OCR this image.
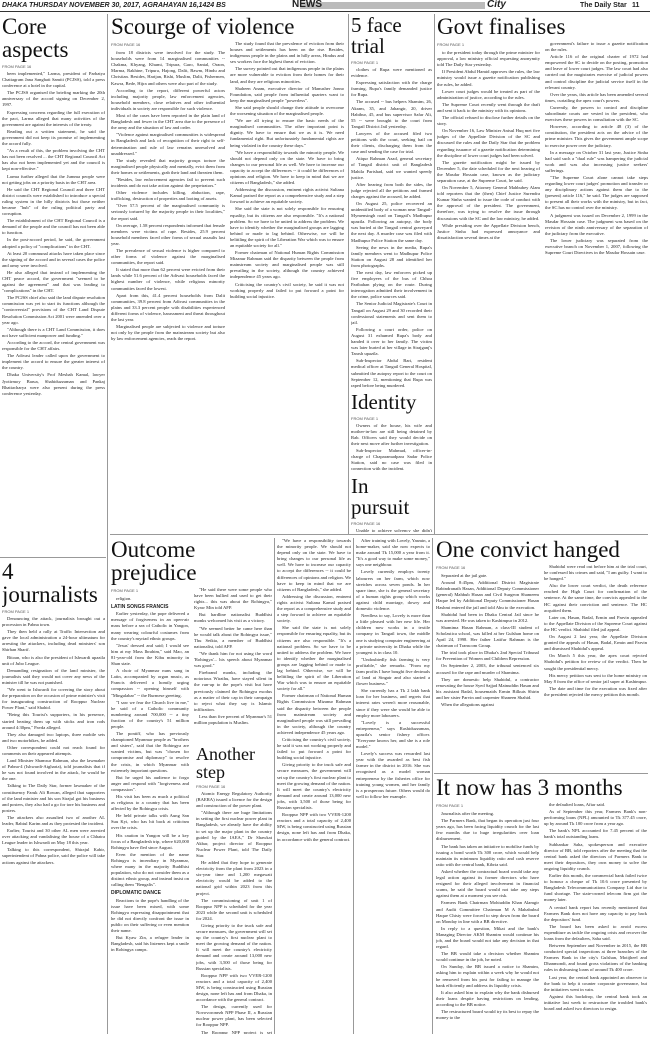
DHAKA THURSDAY NOVEMBER 30, 2017, AGRAHAYAN 16,1424 BS	NEWS	City	The Daily Star 11
Core aspects
FROM PAGE 16

been implemented," Larma, president of Parbatya Chattagram Jana Sanghati Samiti (PCJSS), told a press conference at a hotel in the capital.

The PCJSS organised the briefing marking the 20th anniversary of the accord signing on December 2, 1997.

Expressing concerns regarding the full execution of the pact, Larma alleged that many activities of the government are against the interests of the treaty.

Reading out a written statement, he said the government did not keep its promise of implementing the accord fully.

"As a result of this, the problem involving the CHT has not been resolved ... the CHT Regional Council Act has also not been implemented yet and the council is kept non-effective."

Larma further alleged that the Jumma people were not getting jobs on a priority basis in the CHT area.

He said the CHT Regional Council and three CHT district councils were established to introduce a special ruling system in the hilly districts but those neither became "hub" of the ruling political party and corruption.

The establishment of the CHT Regional Council is a demand of the people and the council has not been able to function.

In the post-accord period, he said, the government adopted a policy of "complications" in the CHT.

At least 20 communal attacks have taken place since the signing of the accord and in several cases the police and army were involved.

He also alleged that instead of implementing the CHT peace accord, the government "seemed to be against the agreement" and that was leading to "complications" in the CHT.

The PCJSS chief also said the land dispute resolution commission was yet to start its functions although the "controversial" provisions of the CHT Land Dispute Resolution Commission Act 2001 were amended over a year ago.

"Although there is a CHT Land Commission, it does not have sufficient manpower and funding."

According to the accord, the central government was responsible for the CHT affairs.

The Adivasi leader called upon the government to implement the accord to ensure the greater interest of the country.

Dhaka University's Prof Mesbah Kamal, lawyer Jyotirmoy Barua, Shahiduzzaman and Pankaj Bhattacharya were also present during the press conference yesterday.

4 journalists
FROM PAGE 1

Denouncing the attack, journalists brought out a procession in Pabna town.

They then held a rally at Traffic Intersection and gave the local administration a 24-hour ultimatum for arresting the attackers, including dead ministers' son Shirhan Sharif.

Bitoan, who is also the president of Ishwardi upazila unit of Jubo League.

Demanding resignation of the land minister, the journalists said they would not cover any news of the minister till he was not punished.

"We went to Ishwardi for covering the story about the preparation on the occasion of prime minister's visit for inaugurating construction of Rooppur Nuclear Power Plant," said Shahid.

"Being this Tourist's supporters, in his presence, started beating them up with sticks and iron rods around 4:30pm," Pavda alleged.

They also damaged two laptops, three mobile sets and two motorbikes, he added.

Other correspondent could not reach found for comments on their appeared attempts.

Land Minister Shamsur Rahman, also the lawmaker of Pabna-4 (Ishwardi-Atgharia), told journalists that if he was not found involved in the attack, he would be the one.

Talking to The Daily Star, former lawmaker of the constituency Faruk Ali Rowan, alleged that supporters of the land minister and his son Sirajul got his business and posters, they also had a go for tore his business and posters.

The attackers also assaulted two of another AL leader, Rabiul Karim and as they protested the incident.

Earlier, Tourist and 30 other AL men were arrested over attacking and vandalising the house of a Chhatra League leader in Ishwardi on May 18 this year.

Talking to this correspondent, Shirajul Kabir, superintendent of Pabna police, said the police will take actions against the attackers.

Scourge of violence
FROM PAGE 16

from 18 districts were involved for the study. The households were from 14 marginalised communities -- Chakma, Khyang, Khumi, Tripura, Garo, Santal, Oraon, Marma, Rakhine, Tripura, Hajong, Dalit, Bawm, Hindu and Christian. Besides, Harijan, Rishi, Muslim, Dalit, Fishermen, Kawra, Bede, Hijra and others were also part of the study.

According to the report, different powerful actors including majority people, law enforcement agencies, household members, close relatives and other influential individuals in society are responsible for such violence.

Most of the cases have been reported in the plain land of Bangladesh and fewer in the CHT area due to the presence of the army and the situation of law and order.

"Violence against marginalised communities is widespread in Bangladesh and lack of recognition of their right to self-determination and rule of law remains unresolved and unaddressed."

The study revealed that majority groups torture the marginalised people physically and mentally, evict them from their homes or settlements, grab their land and threaten them.

"Besides, law enforcement agencies fail to prevent such incidents and do not take action against the perpetrators."

Other violence includes killing, abduction, rape, trafficking, destruction of properties and looting of assets.

"Over 57.5 percent of the marginalised community is seriously tortured by the majority people in their localities," the report said.

On average, 1.58 percent respondents informed that female members were victims of rape. Besides, 25.9 percent household members faced other forms of sexual assaults last year.

The prevalence of sexual violence is higher compared to other forms of violence against the marginalised communities, the report said.

It stated that more than 62 percent were evicted from their lands while 51.6 percent of the Adivasi households faced the highest number of violence, while religious minority communities faced the lowest.

Apart from this, 41.4 percent households from Dalit communities, 39.8 percent from Adivasi communities in the plains and 33.3 percent people with disabilities experienced different forms of violence, harassment and threat throughout the last year.

Marginalised people are subjected to violence and torture not only by the people from the mainstream society but also by law enforcement agencies, reads the report.

The study found that the prevalence of eviction from their houses and settlements has been on the rise. Besides, indigenous people in the plains and in hilly areas, Hindus and sex workers face the highest threat of eviction.

The survey pointed out that indigenous people in the plains are more vulnerable to eviction from their homes for their land, and they are religious minorities.

Shaheen Anam, executive director of Manusher Jonno Foundation, said people from influential quarters want to keep the marginalised people "powerless".

She said people should change their attitude to overcome the worsening situation of the marginalised people.

"We are all trying to ensure the basic needs of the marginalised communities. The other important point is dignity. We have to ensure that we as it is. We need fundamental right. But unfortunately fundamental rights are being violated in the country these days."

"We have a responsibility towards the minority people. We should not depend only on the state. We have to bring changes to our personal life as well. We have to increase our capacity to accept the differences -- it could be differences of opinions and religion. We have to keep in mind that we are citizens of Bangladesh," she added.

Addressing the discussion, eminent rights activist Sultana Kamal praised the report as a comprehensive study and a step forward to achieve an equitable society.

She said the state is not solely responsible for ensuring equality, but its citizens are also responsible. "It's a national problem. So we have to be united to address the problem. We have to identify whether the marginalised groups are lagging behind or made to lag behind. Otherwise, we will be belittling the spirit of the Liberation War which was to ensure an equitable society for all."

Former chairman of National Human Rights Commission Mizanur Rahman said the disparity between the people from mainstream society and marginalised people was still prevailing in the society, although the country achieved independence 45 years ago.

Criticising the country's civil society, he said it was not working properly and failed to put forward a point for building social injustice.

5 face trial
FROM PAGE 1

clothes of Rupa were mentioned as evidence.

Expressing satisfaction with the charge framing, Rupa's family demanded justice for Rupa.

The accused -- bus helpers Shamim, 26, Akram, 35, and Jahangir, 20, driver Habibur, 45, and bus supervisor Safar Ali, 55 -- were brought to the court from Tangail District Jail yesterday.

Lawyers of the accused filed two petitions with the court, seeking bail on their clients, discharging them from the case and sending the case for trial.

Atiqur Rahman Azad, general secretary of Tangail district unit of Bangladesh Mahila Parishad, said we wanted speedy justice.

After hearing from both the sides, the judge rejected all the petitions and framed charges against the accused, he added.

On August 25, police recovered an unidentified body of a woman near Tangail-Mymensingh road on Tangail's Madhupur upazila. Following an autopsy, the body was buried at the Tangail central graveyard the next day. A murder case was filed with Madhupur Police Station the same day.

Seeing the news in the media, Rupa's family members went to Madhupur Police Station on August 28 and identified her from photographs.

The next day, law enforcers picked up five employees of the bus of Chhoa Paribahan plying on the route. During interrogation admitted their involvement in the crime, police sources said.

The Senior Judicial Magistrate's Court in Tangail on August 29 and 30 recorded their confessional statements and sent them to jail.

Following a court order, police on August 31 exhumed Rupa's body and handed it over to her family. The victim was later buried at her village in Sirajganj's Tarash upazila.

Sub-Inspector Abdul Bari, resident medical officer at Tangail General Hospital, submitted the autopsy report to the court on September 12, mentioning that Rupa was raped before being murdered.

Identity
FROM PAGE 1

Owners of the house, his wife and mother-in-law are still being detained by Rab. Officers said they would decide on their next move after further investigation.

Sub-Inspector Mahmud, officer-in-charge of Chaparamadpara Sadar Police Station, said no case was filed in connection with the incident.

In pursuit
FROM PAGE 16

Unable to achieve solvency she didn't

Govt finalises
FROM PAGE 1

to the president today through the prime minister for approval, a law ministry official requesting anonymity told The Daily Star yesterday.

If President Abdul Hamid approves the rules, the law ministry would issue a gazette notification publishing the rules, he added.

Lower court judges would be treated as part of the administration of justice, according to the rules.

The Supreme Court recently went through the draft and sent it back to the ministry with its opinions.

The official refused to disclose further details on the story.

On November 16, Law Minister Anisul Huq met five judges of the Appellate Division of the SC and discussed the rules and the Daily Star that the problem regarding issuance of a gazette notification determining the discipline of lower court judges had been solved.

The gazette notification might be issued by December 5, the date scheduled for the next hearing of the Masdar Hossain case, known as the judiciary separation case, at the Supreme Court, he said.

On November 5, Attorney General Mahbubey Alam told reporters that the (then) Chief Justice Surendra Kumar Sinha wanted to issue the code of conduct with the approval of the president. The government, therefore, was trying to resolve the issue through discussions with the SC and the law ministry, he added.

While presiding over the Appellate Division bench, Justice Sinha had expressed annoyance and dissatisfaction several times at the

government's failure to issue a gazette notification on the rules.

Article 116 of the original charter of 1972 had empowered the SC to decide on the posting, promotion and leave of lower court judges. The law court had also carried out the magistrates exercise of judicial powers and control discipline the judicial service itself in the relevant country.

Over the years, this article has been amended several times, curtailing the apex court's powers.

Currently, the powers to control and discipline subordinate courts are vested in the president, who exercises these powers in consultation with the SC.

However, according to article 48 (3) of the constitution, the president acts on the advice of the prime minister. This gives the government ample scope to exercise power over the judiciary.

In a message on October 31 last year, Justice Sinha had said such a "dual rule" was hampering the judicial work and was also increasing justice seekers' sufferings.

"The Supreme Court alone cannot take steps regarding lower court judges' promotion and transfer or any disciplinary actions against them due to the (present) article 116," he said. The judges are supposed to present all their works with the ministry, but in fact, the SC has no control over the ministry.

A judgment was issued on December 2, 1999 in the Masdar Hossain case. The judgment was based on the revision of the ninth anniversary of the separation of the judiciary from the executive.

The lower judiciary was separated from the executive branch on November 1, 2007, following the Supreme Court Directives in the Masdar Hossain case.

Outcome prejudice
FROM PAGE 1

religion.

LATIN SONGS FRANCIS

Earlier yesterday, the pope delivered a message of forgiveness in an open-air mass before a sea of Catholic in Yangon, many wearing colourful costumes from the country's myriad ethnic groups.

"Jesus' dressed and said; I would see him at my Mass Ibrahim," said Mao, an 81-year-old from the Kibu minority in Shan state.

A choir of Myanmar nuns sang in Latin, accompanied by organ music, as Francis delivered a homily urging compassion -- opening himself with "Mingalabar" -- the Burmese greeting.

"I saw we fear the Church live in me," he said of a Catholic community numbering around 700,000 -- a tiny fraction of the country's 51 million people.

The pontiff, who has previously championed Myanmar people as "brothers and sisters", said that the Rohingya are wanted victims, but was "chosen for compromise and diplomacy" to resolve the crisis, in which Myanmar with extremely important questions.

But he urged his audience to forgo anger and respond with "forgiveness and compassion".

His visit has been as much a political as religious to a country that has been affected by the Rohingya crisis.

He held private talks with Aung San Suu Kyi, who has hit back at criticism over the crisis.

His caution in Yangon will be a key focus of a Bangladesh trip, where 620,000 Rohingya have fled since August.

Even the mention of the name Rohingya is incendiary in Myanmar, where many in the majority Buddhist population, who do not consider them as a distinct ethnic group, and instead insist on calling them "Bengalis".

DIPLOMATIC DANCE

Reactions to the pope's handling of the issue have been mixed, with some Rohingya expressing disappointment that he did not directly confront the issue in public on their suffering or even mention their name.

But Kyaw Zin, a refugee leader in Bangladesh, said his listeners kept a smile in Rohingya camps.

"He said there were some people who have been bullied and used to get their rights... this was about the Rohingya," Kyaw Min told AFP.

But hardline nationalist Buddhist monks welcomed his visit as a victory.

"We seemed better he came here than he would talk about the Rohingya issue," Thu Seikta, a member of Buddhist nationalist, told AFP.

"We thank him for not using the word 'Rohingya'... his speech about Myanmar was good."

Firebrand monks, including the notorious Wirathu, have stayed silent in the run-up to the pope's visit but have previously claimed the Rohingya exodus as a matter of their cap in their campaign to reject what they say is Islamic infiltration.

Less than five percent of Myanmar's 51 million population is Muslim.

Another step
FROM PAGE 16

Atomic Energy Regulatory Authority (BAERA) issued a licence for the design and construction of the power plant.

"Although there are huge limitations in setting the first nuclear power plant in Bangladesh, we already have the ability to set up the major plant in the country guided by the IAEA," Dr Shawkat Akbar, project director of Rooppur Nuclear Power Plant, told The Daily Star.

He added that they hope to generate electricity from the plant from 2023 in a six-year time and 1,200 megawatt electricity would be added to the national grid within 2023 from this project.

The commissioning of unit 1 of Rooppur NPP is scheduled for the year 2023 while the second unit is scheduled for 2024.

Giving priority to the truck safe and secure measures, the government will set up the country's first nuclear plant to meet the growing demand of the nation. It will meet the country's electricity demand and create around 13,000 new jobs, with 3,500 of those being for Russian specialists.

Rooppur NPP with two VVER-1200 reactors and a total capacity of 2,400 MW, is being constructed using Russian design, none left has and from Dhaka, in accordance with the general contract.

The design, currently used for Novovoronezh NPP Phase II, a Russian nuclear power plant, has been selected for Rooppur NPP.

The Rooppur NPP project is set

One convict hanged
FROM PAGE 16

Separated at the jail gate.

Around 8:45pm, Additional District Magistrate Rabindranath Hasan, Additional Deputy Commissioner (general) Mahbub Hasan and Civil Surgeon Shameem Haque led by Additional Deputy Commissioner Hasan Hashmi entered the jail and told Abu to the execution.

Shahidul had been in Dhaka Central Jail since he was arrested. He was taken to Kashimpur in 2012.

Shamima Hasan Rahman, a class-III student of Scholastica school, was killed at her Gulshan home on April 24, 1998. Her father Latifur Rahman is the chairman of Transcom Group.

The trial took place in Dhaka's 2nd Special Tribunal for Prevention of Women and Children Repression.

On September 2, 2003, the tribunal sentenced six accused for the rape and murder of Shamima.

They are domestic help Shahidul, a contractor renovating the house Syed Sajjad Mainuddin Hasan and his assistant Badal, housemaids Ermin Bilkuis Shirin and her sister Parvin and carpenter Shaneen Shahid.

When the allegations against

Shahidul were read out before him at the trial court, he confessed his crimes and said, "I am guilty. I want to be hanged."

Also the lower court verdict, the death reference reached the High Court for confirmation of the sentence. At the same time, the convicts appealed to the HC against their conviction and sentence. The HC acquitted them.

Later on, Hasan, Badal, Ermin and Parvin appealed to the Appellate Division of the Supreme Court against the HC verdict. Shahidul filed jail appeal.

On August 2 last year, the Appellate Division granted the appeals of Hasan, Badal, Ermin and Parvin and dismissed Shahidul's appeal.

On March 5 this year, the apex court rejected Shahidul's petition for review of the verdict. Then he sought the presidential mercy.

His mercy petition was sent to the home ministry on May 8 from the office of senior jail super at Kashimpur.

The date and time for the execution was fixed after the president rejected the mercy petition this month.

It now has 3 months
FROM PAGE 1

Journalists after the meeting.

The Farmers Bank, that began its operation just four years ago, has been facing liquidity crunch for the last few months due to huge irregularities over loan disbursement.

The bank has taken an initiative to mobilise funds by issuing a bond worth Tk 300 crore, which would help maintain its minimum liquidity ratio and cash reserve ratio with the central bank, Kibria said.

Asked whether the contractual board would take any legal action against its former directors who have resigned for their alleged involvement in financial scams, he said the board would not take any steps against them at a moment you see risk.

Farmers Bank Chairman Mohiuddin Khan Alamgir and Audit Committee Chairman M A Mahabubul Haque Chisty were forced to step down from the board on Monday in line with a BB directive.

In reply to a question, Mikat and the bank's Managing Director AKM Shamim would continue his job, and the board would not take any decision in that regard.

The BB would take a decision whether Shamim would continue in the job, he noted.

On Sunday, the BB issued a notice to Shamim, asking him to explain within a week why he would not be removed from his post for failing to manage the bank efficiently and address its liquidity crisis.

It also asked him to explain why the bank disbursed their loans despite having restrictions on lending, according to the BB notice.

The restructured board would try its best to repay the money to the

the defaulted loans, Aftar said.

As of September this year, Farmers Bank's non-performing loans (NPL) amounted to Tk 377.45 crore, up by around Tk 100 crore from a year ago.

The bank's NPL accounted for 7.45 percent of the bank's total outstanding loans.

Subhankar Saha, spokesperson and executive director of BB, told reporters after the meeting that the central bank asked the directors of Farmers Bank to meet their depositors, they own money to solve the ongoing liquidity crunch.

Earlier this month, the commercial bank failed twice to honour a cheque of Tk 10.6 crore presented by Bangladesh Telecommunications Company Ltd due to fund shortage. The state-owned telecom firm got the money later.

A central bank report has recently mentioned that Farmers Bank does not have any capacity to pay back the depositors' fund.

The board has been asked to avoid excess expenditure as tackle the ongoing crisis and recover the loans from the defaulters, Saha said.

Between September and November in 2015, the BB conducted special inspections at three branches of the Farmers Bank in the city's Gulshan, Motijheel and Dhanmondi, and found gross violations of the banking rules in disbursing loans of around Tk 400 crore.

Last year, the central bank appointed an observer to the bank to help it counter corporate governance, but the initiatives went in vain.

Against this backdrop, the central bank took an initiative last week to restructure the troubled bank's board and asked two directors to resign.

"We have a responsibility towards the minority people. We should not depend only on the state. We have to bring changes to our personal life as well. We have to increase our capacity to accept the differences -- it could be differences of opinions and religion. We have to keep in mind that we are citizens of Bangladesh," she added.

Addressing the discussion, eminent rights activist Sultana Kamal praised the report as a comprehensive study and a step forward to achieve an equitable society.

She said the state is not solely responsible for ensuring equality, but its citizens are also responsible. "It's a national problem. So we have to be united to address the problem. We have to identify whether the marginalised groups are lagging behind or made to lag behind. Otherwise, we will be belittling the spirit of the Liberation War which was to ensure an equitable society for all."

Former chairman of National Human Rights Commission Mizanur Rahman said the disparity between the people from mainstream society and marginalised people was still prevailing in the society, although the country achieved independence 45 years ago.

Criticising the country's civil society, he said it was not working properly and failed to put forward a point for building social injustice.

Giving priority to the truck safe and secure measures, the government will set up the country's first nuclear plant to meet the growing demand of the nation. It will meet the country's electricity demand and create around 13,000 new jobs, with 3,500 of those being for Russian specialists.

Rooppur NPP with two VVER-1200 reactors and a total capacity of 2,400 MW, is being constructed using Russian design, none left has and from Dhaka, in accordance with the general contract.

After training with Lovely, Yasmin, a home-maker, said she now expects to make around Tk 15,000 a year from it. "It's a good way to make some money," says one neighbour.

Lovely currently employs twenty labourers on her farm, which now stretches across seven ponds. In her spare time, she is the general secretary of a human rights group which works against child marriage, dowry and domestic violence.

Needless to say, Lovely is more than a little pleased with her new life. Her children now works in a textile company in Tangail town, the middle one is studying computer engineering at a private university in Dhaka while the youngest is in class 10.

"Undoubtedly fish farming is very profitable," she remarks. "From my farm profits I have bought five decimals of land at Singair and also started a flower business."

She currently has a Tk 2 lakh bank loan for her business, and regrets that interest rates weren't more reasonable, since if they were she would be able to employ more labourers.

"Lovely is a successful entrepreneur," says Rashiduzzaman, upazila's senior fishery officer. "Everyone knows her, and she is a role model."

Lovely's success was rewarded last year with the awarded as best fish farmer in the district in 2016. She was recognised as a model woman entrepreneur by the fisheries office for training young women, and her family is a prosperous future. Others would do well to follow her example.
